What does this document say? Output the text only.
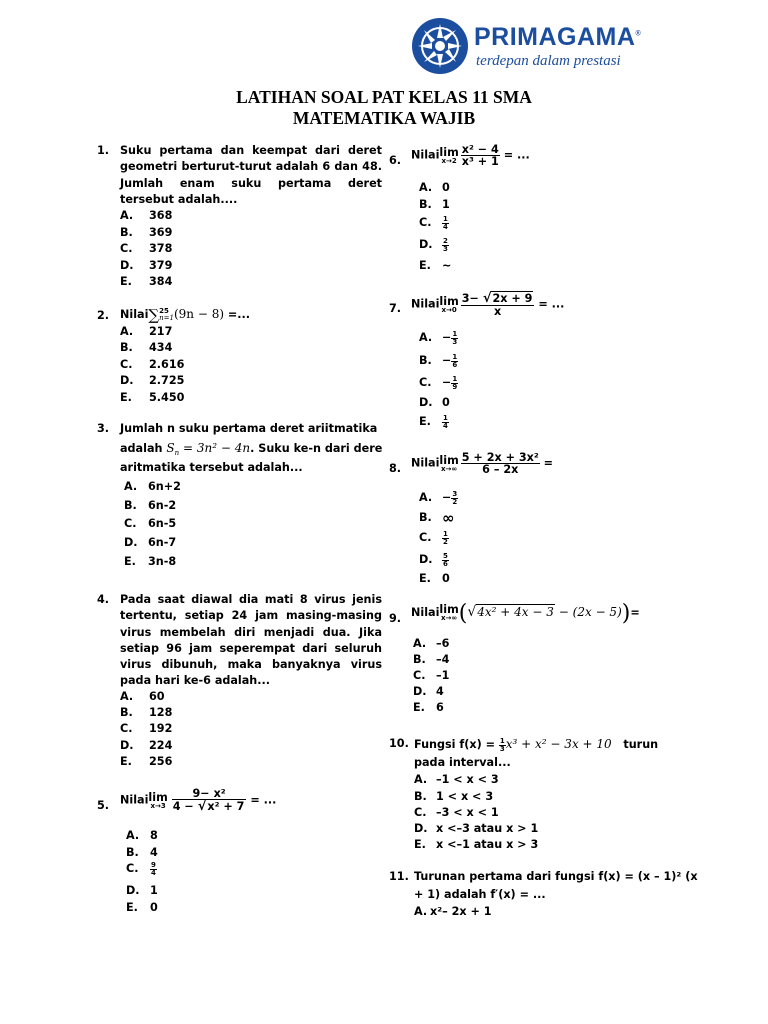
PRIMAGAMA®
terdepan dalam prestasi
LATIHAN SOAL PAT KELAS 11 SMA
MATEMATIKA WAJIB
1. Suku pertama dan keempat dari deret geometri berturut-turut adalah 6 dan 48. Jumlah enam suku pertama deret tersebut adalah....
A. 368
B. 369
C. 378
D. 379
E. 384
2. Nilai∑ 25
n=1 (9n − 8) =...
A. 217
B. 434
C. 2.616
D. 2.725
E. 5.450
3. Jumlah n suku pertama deret ariitmatika
adalah $S_n = 3n^2 - 4n$. Suku ke-n dari dere
aritmatika tersebut adalah...
A. 6n+2
B. 6n-2
C. 6n-5
D. 6n-7
E. 3n-8
4. Pada saat diawal dia mati 8 virus jenis tertentu, setiap 24 jam masing-masing virus membelah diri menjadi dua. Jika setiap 96 jam seperempat dari seluruh virus dibunuh, maka banyaknya virus pada hari ke-6 adalah...
A. 60
B. 128
C. 192
D. 224
E. 256
5. Nilailim
$x\to 3 \frac{\text{9− x²}}{\text{4 − √x² + 7}}$ = ...
A. 8
B. 4
C. $\frac{9}{4}$
D. 1
E. 0
6. Nilailim
$x\to 2 \frac{\text{x² − 4}}{\text{x³ + 1}}$ = ...
A. 0
B. 1
C. $\frac{1}{4}$
D. $\frac{2}{3}$
E. ~
7. Nilailim
$x\to 0 \frac{3- √2x + 9}{x}$ = ...
A. − $\frac{1}{3}$
B. − $\frac{1}{6}$
C. − $\frac{1}{9}$
D. 0
E. $\frac{1}{4}$
8. Nilailim
$x\to\infty \frac{\text{5 + 2x + 3x²}}{6 - 2x}$ =
A. − $\frac{3}{2}$
B. ∞
C. $\frac{1}{2}$
D. $\frac{5}{6}$
E. 0
9. Nilailim
x→∞ (√4x² + 4x − 3 − (2x − 5))=
A. –6
B. –4
C. –1
D. 4
E. 6
10. Fungsi $f(x) = \frac{1}{3} x^3 + x^2 - 3x + 10$ turun
pada interval...
A. –1 < x < 3
B. 1 < x < 3
C. –3 < x < 1
D. x <–3 atau x > 1
E. x <–1 atau x > 3
11. Turunan pertama dari fungsi f(x) = (x – 1)² (x
+ 1) adalah f′(x) = ...
A. x²– 2x + 1
